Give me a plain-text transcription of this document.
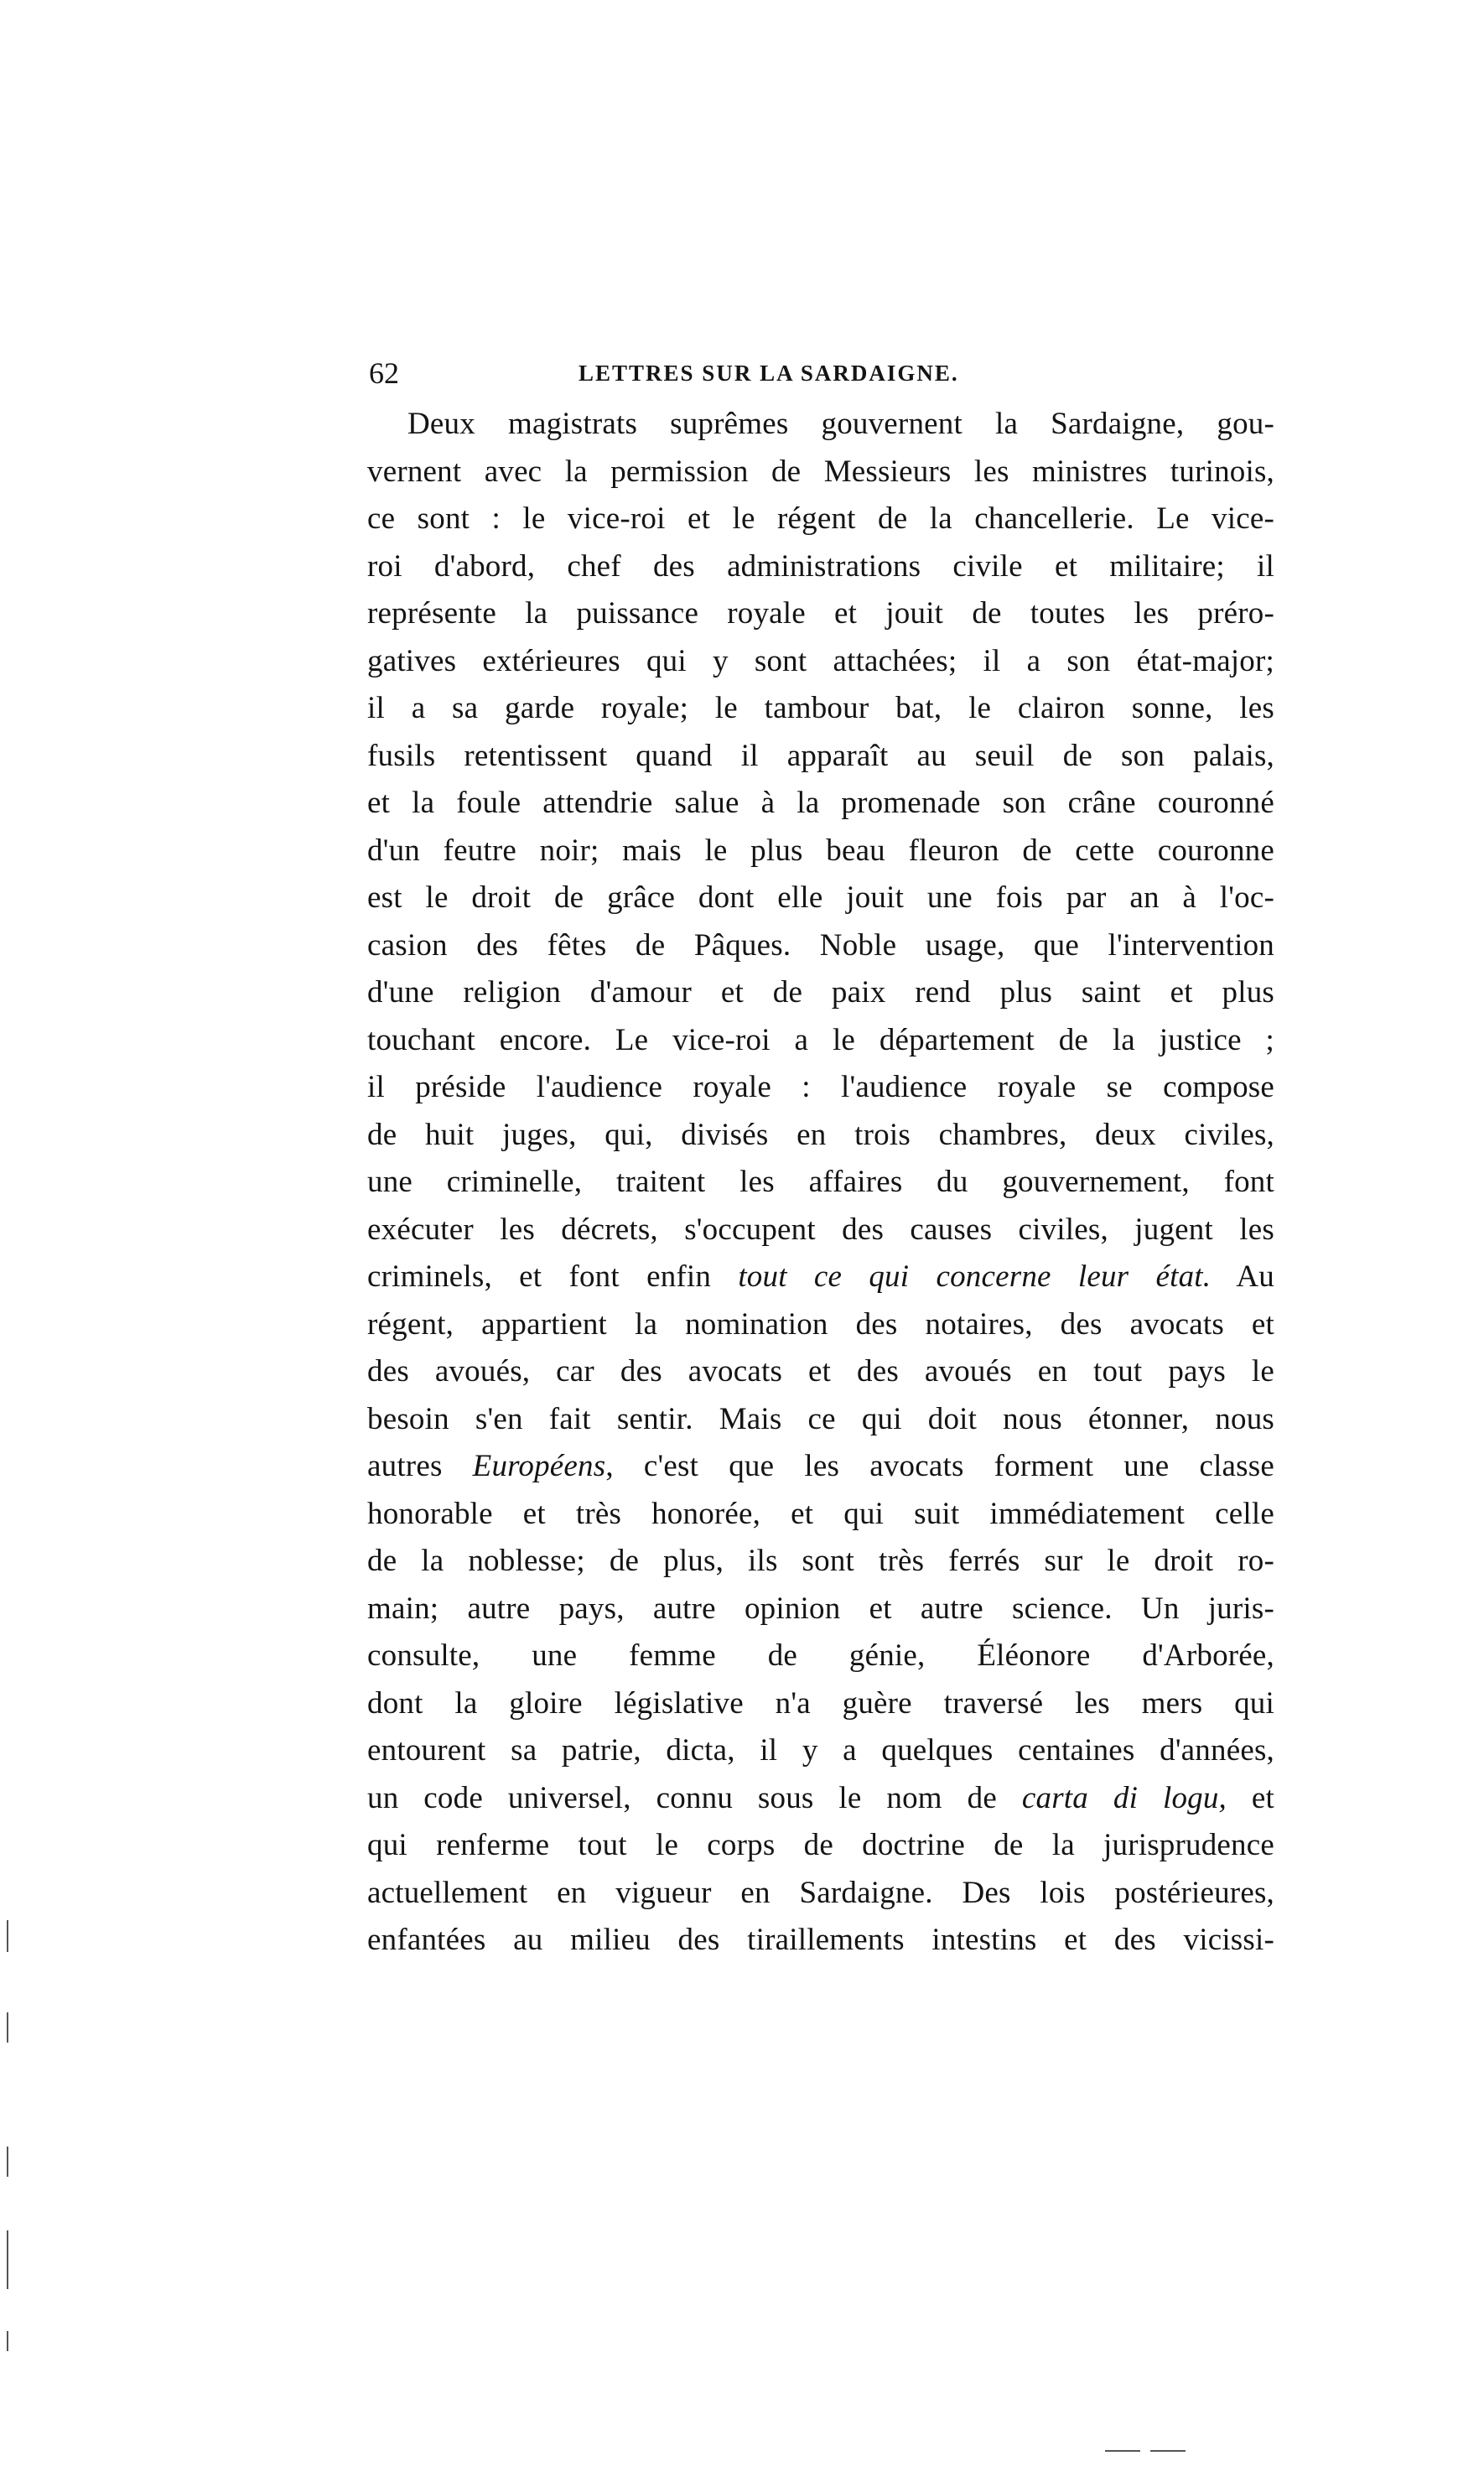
62	LETTRES SUR LA SARDAIGNE.
Deux magistrats suprêmes gouvernent la Sardaigne, gou-
vernent avec la permission de Messieurs les ministres turinois,
ce sont : le vice-roi et le régent de la chancellerie. Le vice-
roi d'abord, chef des administrations civile et militaire; il
représente la puissance royale et jouit de toutes les préro-
gatives extérieures qui y sont attachées; il a son état-major;
il a sa garde royale; le tambour bat, le clairon sonne, les
fusils retentissent quand il apparaît au seuil de son palais,
et la foule attendrie salue à la promenade son crâne couronné
d'un feutre noir; mais le plus beau fleuron de cette couronne
est le droit de grâce dont elle jouit une fois par an à l'oc-
casion des fêtes de Pâques. Noble usage, que l'intervention
d'une religion d'amour et de paix rend plus saint et plus
touchant encore. Le vice-roi a le département de la justice ;
il préside l'audience royale : l'audience royale se compose
de huit juges, qui, divisés en trois chambres, deux civiles,
une criminelle, traitent les affaires du gouvernement, font
exécuter les décrets, s'occupent des causes civiles, jugent les
criminels, et font enfin tout ce qui concerne leur état. Au
régent, appartient la nomination des notaires, des avocats et
des avoués, car des avocats et des avoués en tout pays le
besoin s'en fait sentir. Mais ce qui doit nous étonner, nous
autres Européens, c'est que les avocats forment une classe
honorable et très honorée, et qui suit immédiatement celle
de la noblesse; de plus, ils sont très ferrés sur le droit ro-
main; autre pays, autre opinion et autre science. Un juris-
consulte, une femme de génie, Éléonore d'Arborée,
dont la gloire législative n'a guère traversé les mers qui
entourent sa patrie, dicta, il y a quelques centaines d'années,
un code universel, connu sous le nom de carta di logu, et
qui renferme tout le corps de doctrine de la jurisprudence
actuellement en vigueur en Sardaigne. Des lois postérieures,
enfantées au milieu des tiraillements intestins et des vicissi-
